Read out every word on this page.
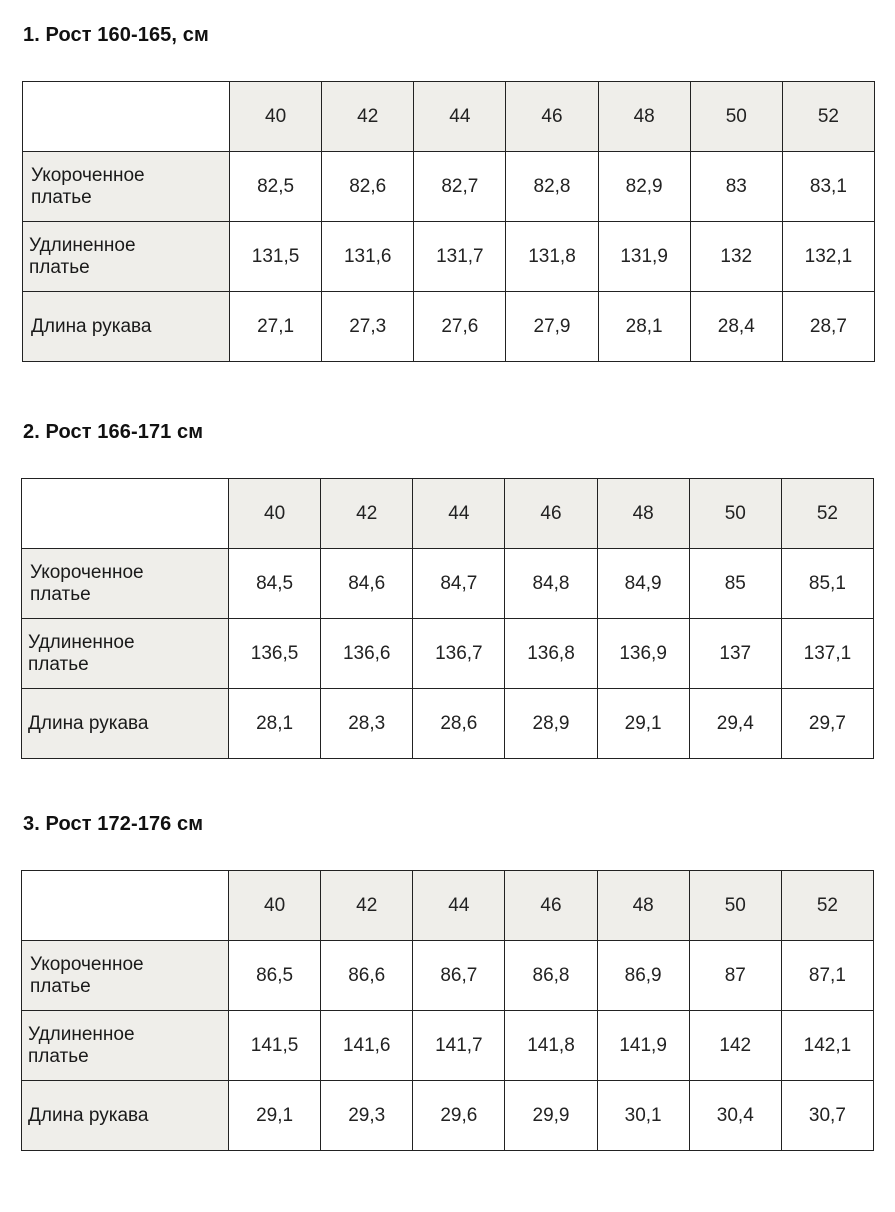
1. Рост 160-165, см
	40	42	44	46	48	50	52

Укороченное
платье	82,5	82,6	82,7	82,8	82,9	83	83,1

Удлиненное
платье	131,5	131,6	131,7	131,8	131,9	132	132,1

Длина рукава	27,1	27,3	27,6	27,9	28,1	28,4	28,7
2. Рост 166-171 см
	40	42	44	46	48	50	52

Укороченное
платье	84,5	84,6	84,7	84,8	84,9	85	85,1

Удлиненное
платье	136,5	136,6	136,7	136,8	136,9	137	137,1

Длина рукава	28,1	28,3	28,6	28,9	29,1	29,4	29,7
3. Рост 172-176 см
	40	42	44	46	48	50	52

Укороченное
платье	86,5	86,6	86,7	86,8	86,9	87	87,1

Удлиненное
платье	141,5	141,6	141,7	141,8	141,9	142	142,1

Длина рукава	29,1	29,3	29,6	29,9	30,1	30,4	30,7
